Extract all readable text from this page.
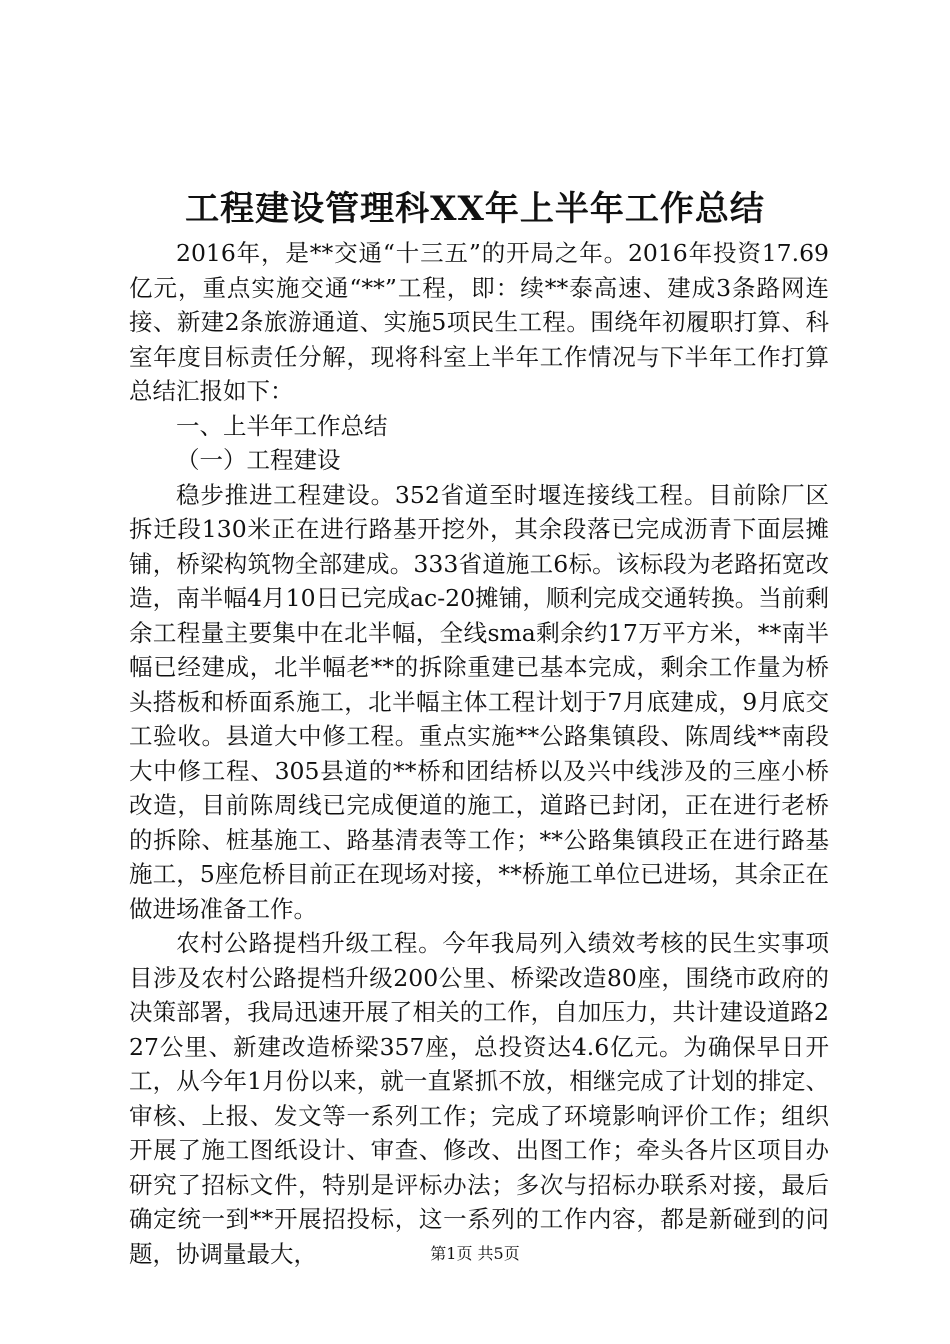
工程建设管理科XX年上半年工作总结

2016年，是**交通“十三五”的开局之年。2016年投资17.69亿元，重点实施交通“**”工程，即：续**泰高速、建成3条路网连接、新建2条旅游通道、实施5项民生工程。围绕年初履职打算、科室年度目标责任分解，现将科室上半年工作情况与下半年工作打算总结汇报如下：

一、上半年工作总结

（一）工程建设

稳步推进工程建设。352省道至时堰连接线工程。目前除厂区拆迁段130米正在进行路基开挖外，其余段落已完成沥青下面层摊铺，桥梁构筑物全部建成。333省道施工6标。该标段为老路拓宽改造，南半幅4月10日已完成ac-20摊铺，顺利完成交通转换。当前剩余工程量主要集中在北半幅，全线sma剩余约17万平方米，**南半幅已经建成，北半幅老**的拆除重建已基本完成，剩余工作量为桥头搭板和桥面系施工，北半幅主体工程计划于7月底建成，9月底交工验收。县道大中修工程。重点实施**公路集镇段、陈周线**南段大中修工程、305县道的**桥和团结桥以及兴中线涉及的三座小桥改造，目前陈周线已完成便道的施工，道路已封闭，正在进行老桥的拆除、桩基施工、路基清表等工作；**公路集镇段正在进行路基施工，5座危桥目前正在现场对接，**桥施工单位已进场，其余正在做进场准备工作。

农村公路提档升级工程。今年我局列入绩效考核的民生实事项目涉及农村公路提档升级200公里、桥梁改造80座，围绕市政府的决策部署，我局迅速开展了相关的工作，自加压力，共计建设道路227公里、新建改造桥梁357座，总投资达4.6亿元。为确保早日开工，从今年1月份以来，就一直紧抓不放，相继完成了计划的排定、审核、上报、发文等一系列工作；完成了环境影响评价工作；组织开展了施工图纸设计、审查、修改、出图工作；牵头各片区项目办研究了招标文件，特别是评标办法；多次与招标办联系对接，最后确定统一到**开展招投标，这一系列的工作内容，都是新碰到的问题，协调量最大，	第1页 共5页
